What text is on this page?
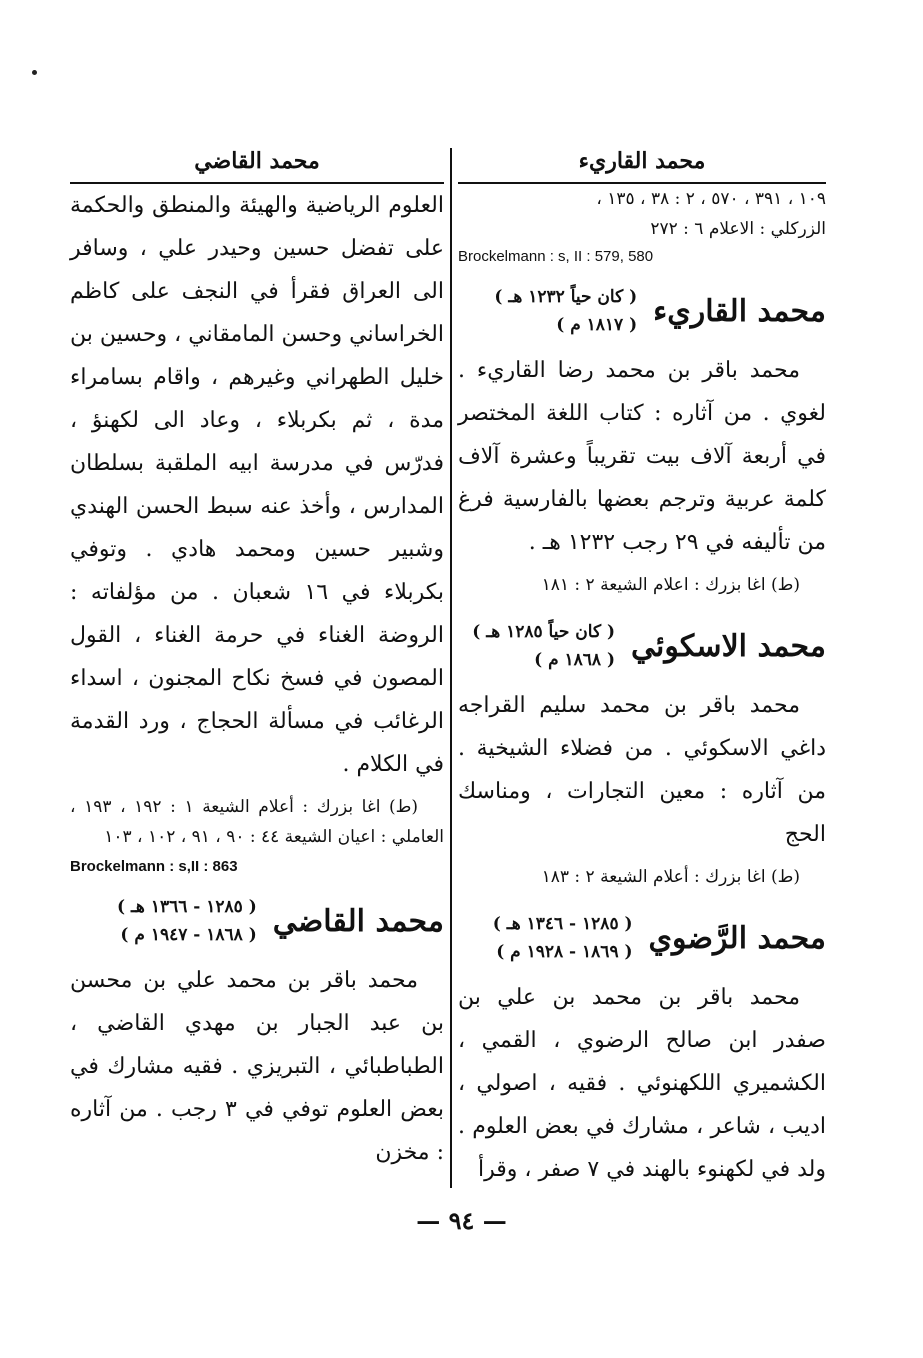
محمد القاريء

١٠٩ ، ٣٩١ ، ٥٧٠ ، ٢ : ٣٨ ، ١٣٥ ،

الزركلي : الاعلام ٦ : ٢٧٢

Brockelmann : s, II : 579, 580
محمد القاريء
( كان حياً ١٢٣٢ هـ )
( ١٨١٧ م )

محمد باقر بن محمد رضا القاريء . لغوي . من آثاره : كتاب اللغة المختصر في أربعة آلاف بيت تقريباً وعشرة آلاف كلمة عربية وترجم بعضها بالفارسية فرغ من تأليفه في ٢٩ رجب ١٢٣٢ هـ .

(ط) اغا بزرك : اعلام الشيعة ٢ : ١٨١

محمد الاسكوئي
( كان حياً ١٢٨٥ هـ )
( ١٨٦٨ م )

محمد باقر بن محمد سليم القراجه داغي الاسكوئي . من فضلاء الشيخية . من آثاره : معين التجارات ، ومناسك الحج

(ط) اغا بزرك : أعلام الشيعة ٢ : ١٨٣

محمد الرَّضوي
( ١٢٨٥ - ١٣٤٦ هـ )
( ١٨٦٩ - ١٩٢٨ م )

محمد باقر بن محمد بن علي بن صفدر ابن صالح الرضوي ، القمي ، الكشميري اللكهنوئي . فقيه ، اصولي ، اديب ، شاعر ، مشارك في بعض العلوم . ولد في لكهنوء بالهند في ٧ صفر ، وقرأ

محمد القاضي

العلوم الرياضية والهيئة والمنطق والحكمة على تفضل حسين وحيدر علي ، وسافر الى العراق فقرأ في النجف على كاظم الخراساني وحسن المامقاني ، وحسين بن خليل الطهراني وغيرهم ، واقام بسامراء مدة ، ثم بكربلاء ، وعاد الى لكهنؤ ، فدرّس في مدرسة ابيه الملقبة بسلطان المدارس ، وأخذ عنه سبط الحسن الهندي وشبير حسين ومحمد هادي . وتوفي بكربلاء في ١٦ شعبان . من مؤلفاته : الروضة الغناء في حرمة الغناء ، القول المصون في فسخ نكاح المجنون ، اسداء الرغائب في مسألة الحجاج ، ورد القدمة في الكلام .

(ط) اغا بزرك : أعلام الشيعة ١ : ١٩٢ ، ١٩٣ ، العاملي : اعيان الشيعة ٤٤ : ٩٠ ، ٩١ ، ١٠٢ ، ١٠٣

Brockelmann : s,II : 863
محمد القاضي
( ١٢٨٥ - ١٣٦٦ هـ )
( ١٨٦٨ - ١٩٤٧ م )

محمد باقر بن محمد علي بن محسن بن عبد الجبار بن مهدي القاضي ، الطباطبائي ، التبريزي . فقيه مشارك في بعض العلوم توفي في ٣ رجب . من آثاره : مخزن

— ٩٤ —
